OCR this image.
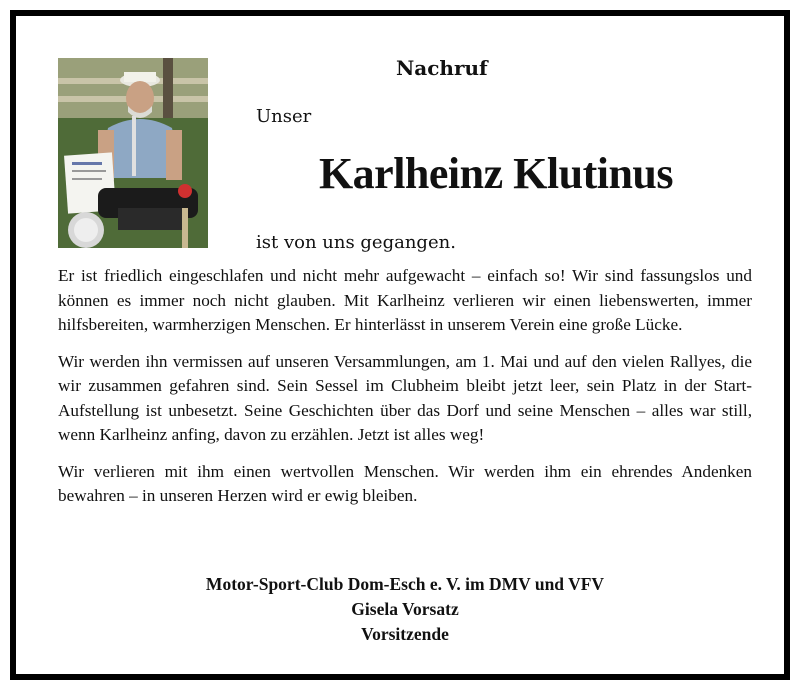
Nachruf
Unser
Karlheinz Klutinus
ist von uns gegangen.

Er ist friedlich eingeschlafen und nicht mehr aufgewacht – einfach so! Wir sind fassungslos und können es immer noch nicht glauben. Mit Karlheinz verlieren wir einen liebenswerten, immer hilfsbereiten, warmherzigen Menschen. Er hinterlässt in unserem Verein eine große Lücke.

Wir werden ihn vermissen auf unseren Versammlungen, am 1. Mai und auf den vielen Rallyes, die wir zusammen gefahren sind. Sein Sessel im Clubheim bleibt jetzt leer, sein Platz in der Start-Aufstellung ist unbesetzt. Seine Geschichten über das Dorf und seine Menschen – alles war still, wenn Karlheinz anfing, davon zu erzählen. Jetzt ist alles weg!

Wir verlieren mit ihm einen wertvollen Menschen. Wir werden ihm ein ehrendes Andenken bewahren – in unseren Herzen wird er ewig bleiben.

Motor-Sport-Club Dom-Esch e. V. im DMV und VFV
Gisela Vorsatz
Vorsitzende
